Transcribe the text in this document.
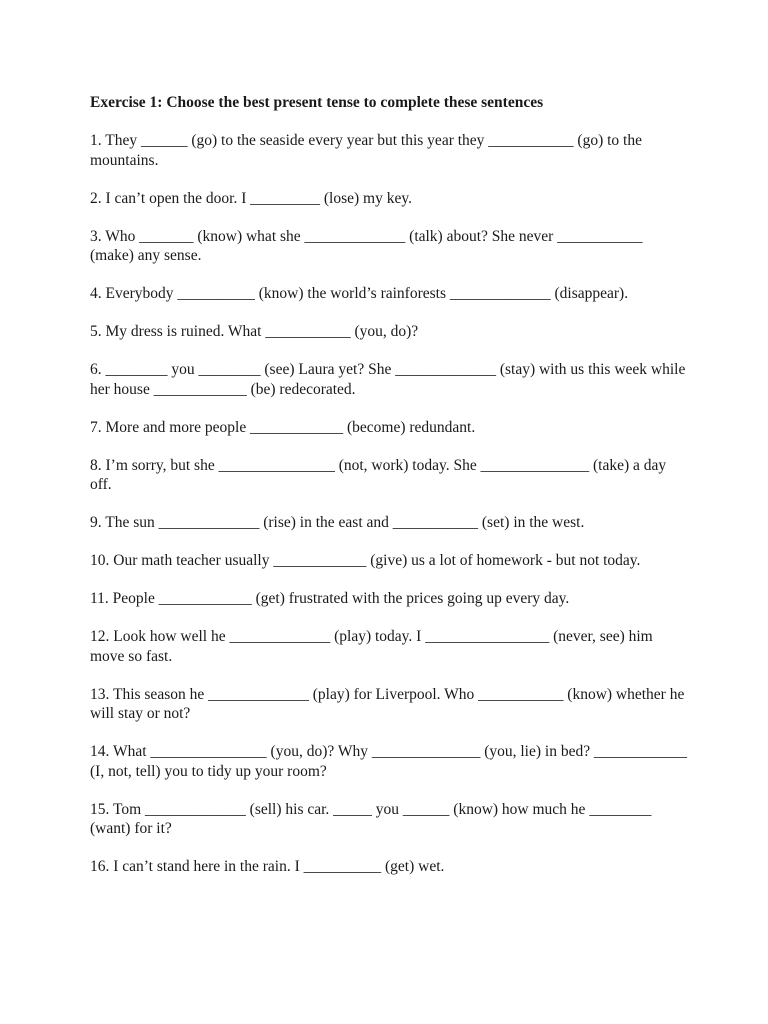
Exercise 1: Choose the best present tense to complete these sentences
1. They ______ (go) to the seaside every year but this year they ___________ (go) to the mountains.
2. I can’t open the door. I _________ (lose) my key.
3. Who _______ (know) what she _____________ (talk) about? She never ___________ (make) any sense.
4. Everybody __________ (know) the world’s rainforests _____________ (disappear).
5. My dress is ruined. What ___________ (you, do)?
6. ________ you ________ (see) Laura yet? She _____________ (stay) with us this week while her house ____________ (be) redecorated.
7. More and more people ____________ (become) redundant.
8. I’m sorry, but she _______________ (not, work) today. She ______________ (take) a day off.
9. The sun _____________ (rise) in the east and ___________ (set) in the west.
10. Our math teacher usually ____________ (give) us a lot of homework - but not today.
11. People ____________ (get) frustrated with the prices going up every day.
12. Look how well he _____________ (play) today. I ________________ (never, see) him move so fast.
13. This season he _____________ (play) for Liverpool. Who ___________ (know) whether he will stay or not?
14. What _______________ (you, do)? Why ______________ (you, lie) in bed? ____________ (I, not, tell) you to tidy up your room?
15. Tom _____________ (sell) his car. _____ you ______ (know) how much he ________ (want) for it?
16. I can’t stand here in the rain. I __________ (get) wet.
